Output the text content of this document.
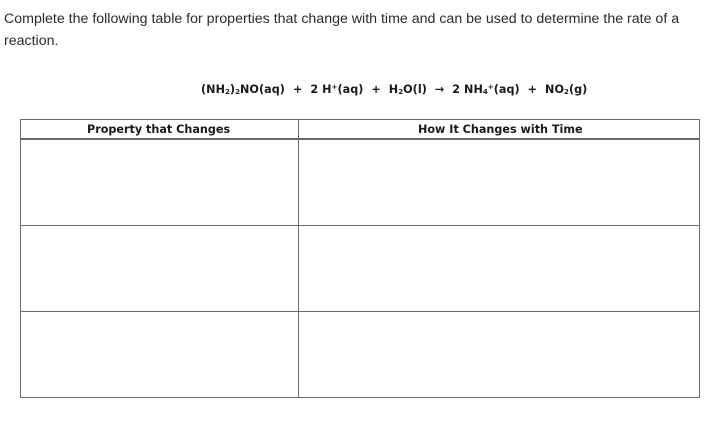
Complete the following table for properties that change with time and can be used to determine the rate of a reaction.

$(NH_2)_2NO(aq) + 2$ $H^+(aq) + H_2O(l) \to 2$ $NH_4^+(aq) + NO_2(g)$
Property that Changes	How It Changes with Time
